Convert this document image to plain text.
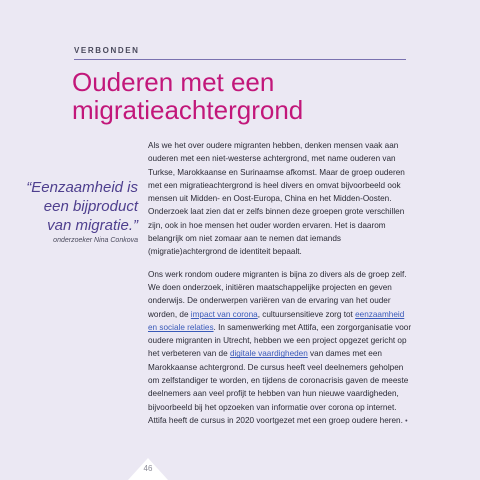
VERBONDEN

Ouderen met een
migratieachtergrond
“Eenzaamheid is
een bijproduct
van migratie.”

onderzoeker Nina Conkova

Als we het over oudere migranten hebben, denken mensen vaak aan ouderen met een niet-westerse achtergrond, met name ouderen van Turkse, Marokkaanse en Surinaamse afkomst. Maar de groep ouderen met een migratieachtergrond is heel divers en omvat bijvoorbeeld ook mensen uit Midden- en Oost-Europa, China en het Midden-Oosten. Onderzoek laat zien dat er zelfs binnen deze groepen grote verschillen zijn, ook in hoe mensen het ouder worden ervaren. Het is daarom belangrijk om niet zomaar aan te nemen dat iemands (migratie)achtergrond de identiteit bepaalt.

Ons werk rondom oudere migranten is bijna zo divers als de groep zelf. We doen onderzoek, initiëren maatschappelijke projecten en geven onderwijs. De onderwerpen variëren van de ervaring van het ouder worden, de impact van corona, cultuursensitieve zorg tot eenzaamheid en sociale relaties. In samenwerking met Attifa, een zorgorganisatie voor oudere migranten in Utrecht, hebben we een project opgezet gericht op het verbeteren van de digitale vaardigheden van dames met een Marokkaanse achtergrond. De cursus heeft veel deelnemers geholpen om zelfstandiger te worden, en tijdens de coronacrisis gaven de meeste deelnemers aan veel profijt te hebben van hun nieuwe vaardigheden, bijvoorbeeld bij het opzoeken van informatie over corona op internet. Attifa heeft de cursus in 2020 voortgezet met een groep oudere heren. •

46
